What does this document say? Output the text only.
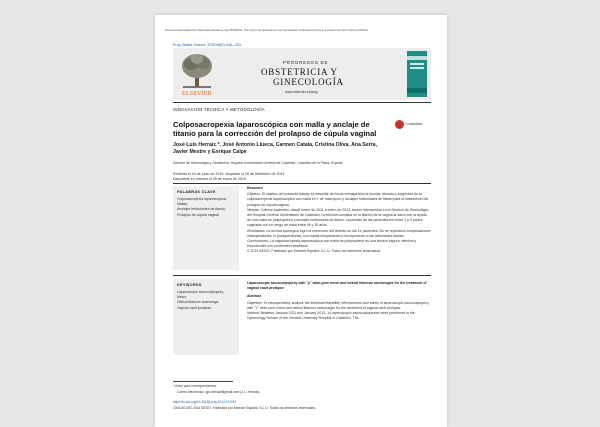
Document downloaded from http://www.elsevier.es, day 04/05/2017. This copy is for personal use. Any transmission of this document by any media or format is strictly prohibited.
Prog Obstet Ginecol. 2015;58(5):246—251
ELSEVIER
PROGRESOS DE
OBSTETRICIA Y
GINECOLOGÍA
www.elsevier.es/pog
INNOVACIÓN TÉCNICA Y METODOLOGÍA
Colposacropexia laparoscópica con malla y anclaje de
titanio para la corrección del prolapso de cúpula vaginal
CrossMark
José Luis Herraiz *, José Antonio Llueca, Carmen Catala, Cristina Oliva, Ana Serra,
Javier Mestre y Enrique Calpe
Servicio de Ginecología y Obstetricia, Hospital Universitario General de Castellón, Castellón de la Plana, España
Recibido el 24 de junio de 2014; aceptado el 16 de diciembre de 2014
Disponible en Internet el 25 de enero de 2015
PALABRAS CLAVE
Colposacropexia laparoscópica;
Mallas;
Anclajes helicoidales de titanio;
Prolapso de cúpula vaginal

Resumen

Objetivo: El objetivo del presente trabajo es describir de forma retrospectiva la técnica, eficacia y seguridad de la colposacropexia laparoscópica con malla en Y de macroporo y anclajes helicoidales de titanio para el tratamiento del prolapso de cúpula vaginal.

Método: Catorce pacientes, desde enero de 2011 a enero de 2013, fueron intervenidas en el Servicio de Ginecología del Hospital General Universitario de Castellón. La técnica consistía en la fijación de la vagina al sacro con la ayuda de una malla de polipropileno y anclajes helicoidales de titanio. La paridad de las pacientes fue entre 1 y 3 partos vaginales con un rango de edad entre 49 y 78 años.

Resultados: La técnica quirúrgica logró la corrección del defecto en las 14 pacientes. No se reportaron complicaciones intraoperatorias, ni postoperatorias, con rápida recuperación e incorporación a las actividades diarias.

Conclusiones: La colposacropexia laparoscópica con malla de polipropileno es una técnica segura, efectiva y reproducible con excelentes resultados.

© 2014 SEGO. Publicado por Elsevier España, S.L.U. Todos los derechos reservados.

KEYWORDS
Laparoscopic sacrocolpopexy;
Mesh;
Helical titanium anchorage;
Vaginal vault prolapse

Laparoscopic sacrocolpopexy with "y" wide-pore mesh and helical titanium anchorages for the treatment of vaginal vault prolapse

Abstract

Objective: To retrospectively analyze the technical feasibility, effectiveness and safety of laparoscopic sacrocolpopexy with "Y" wide-pore mesh and helical titanium anchorages for the treatment of vaginal vault prolapse.

Method: Between January 2011 and January 2013, 14 laparoscopic sacrocolpopexies were performed in the Gynecology Service of the General University Hospital of Castellón. The

* Autor para correspondencia.
Correo electrónico: jgs.herraiz@gmail.com (J.L. Herraiz).
http://dx.doi.org/10.1016/j.pog.2014.12.005
0304-5013/© 2014 SEGO. Publicado por Elsevier España, S.L.U. Todos los derechos reservados.
